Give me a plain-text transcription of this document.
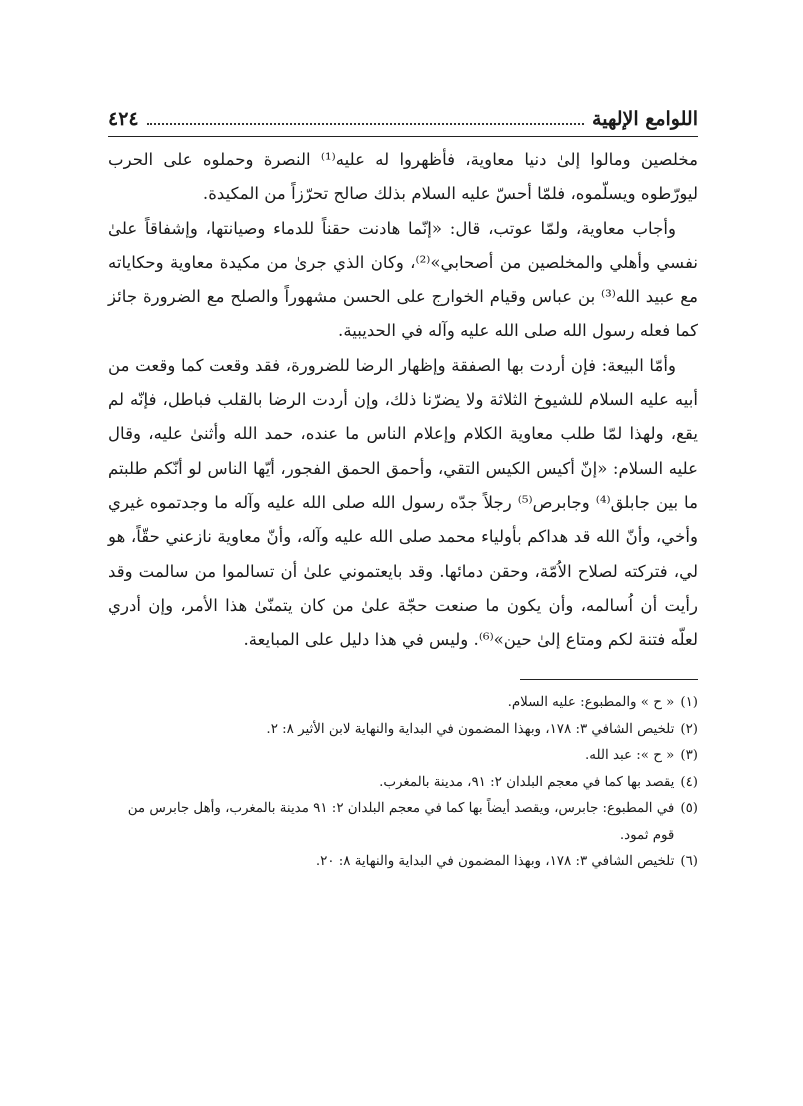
اللوامع الإلهية
٤٢٤

مخلصين ومالوا إلىٰ دنيا معاوية، فأظهروا له عليه⁽¹⁾ النصرة وحملوه على الحرب ليورّطوه ويسلّموه، فلمّا أحسّ عليه السلام بذلك صالح تحرّزاً من المكيدة.

وأجاب معاوية، ولمّا عوتب، قال: «إنّما هادنت حقناً للدماء وصيانتها، وإشفاقاً علىٰ نفسي وأهلي والمخلصين من أصحابي»⁽²⁾، وكان الذي جرىٰ من مكيدة معاوية وحكاياته مع عبيد الله⁽³⁾ بن عباس وقيام الخوارج على الحسن مشهوراً والصلح مع الضرورة جائز كما فعله رسول الله صلى الله عليه وآله في الحديبية.

وأمّا البيعة: فإن أردت بها الصفقة وإظهار الرضا للضرورة، فقد وقعت كما وقعت من أبيه عليه السلام للشيوخ الثلاثة ولا يضرّنا ذلك، وإن أردت الرضا بالقلب فباطل، فإنّه لم يقع، ولهذا لمّا طلب معاوية الكلام وإعلام الناس ما عنده، حمد الله وأثنىٰ عليه، وقال عليه السلام: «إنّ أكيس الكيس التقي، وأحمق الحمق الفجور، أيّها الناس لو أنّكم طلبتم ما بين جابلق⁽⁴⁾ وجابرص⁽⁵⁾ رجلاً جدّه رسول الله صلى الله عليه وآله ما وجدتموه غيري وأخي، وأنّ الله قد هداكم بأولياء محمد صلى الله عليه وآله، وأنّ معاوية نازعني حقّاً، هو لي، فتركته لصلاح الاُمّة، وحقن دمائها. وقد بايعتموني علىٰ أن تسالموا من سالمت وقد رأيت أن اُسالمه، وأن يكون ما صنعت حجّة علىٰ من كان يتمنّىٰ هذا الأمر، وإن أدري لعلّه فتنة لكم ومتاع إلىٰ حين»⁽⁶⁾. وليس في هذا دليل على المبايعة.

(١)
« ح » والمطبوع: عليه السلام.
(٢)
تلخيص الشافي ٣: ١٧٨، وبهذا المضمون في البداية والنهاية لابن الأثير ٨: ٢.
(٣)
« ح »: عبد الله.
(٤)
يقصد بها كما في معجم البلدان ٢: ٩١، مدينة بالمغرب.
(٥)
في المطبوع: جابرس، ويقصد أيضاً بها كما في معجم البلدان ٢: ٩١ مدينة بالمغرب، وأهل جابرس من قوم ثمود.
(٦)
تلخيص الشافي ٣: ١٧٨، وبهذا المضمون في البداية والنهاية ٨: ٢٠.
